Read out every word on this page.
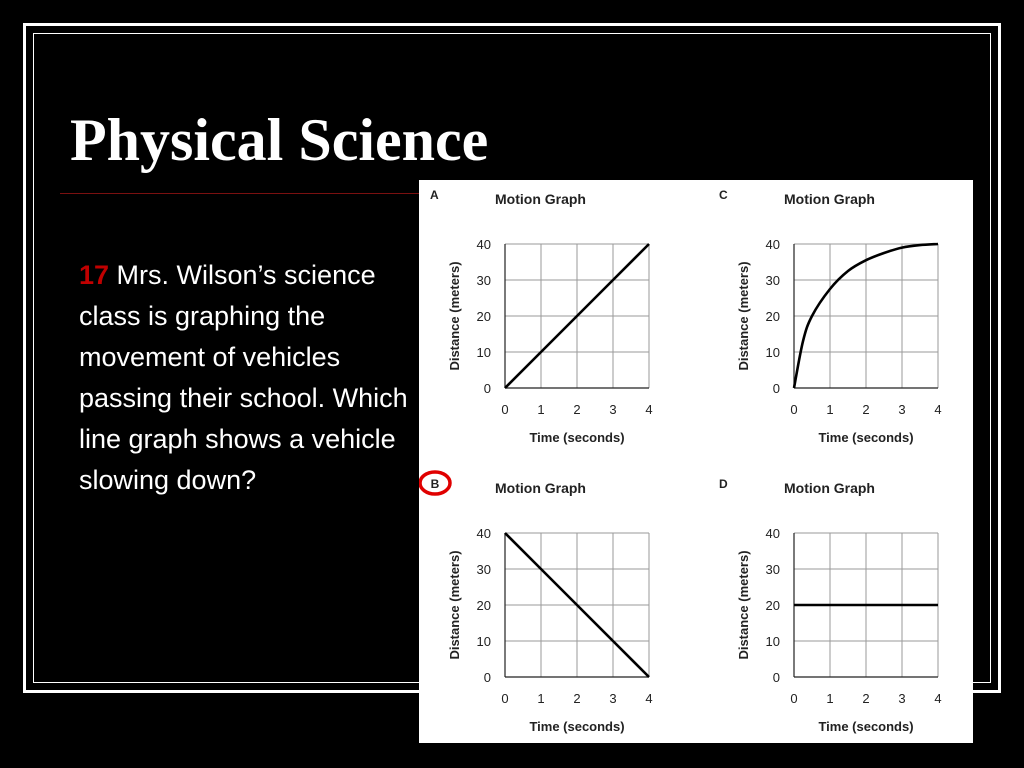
Physical Science
17 Mrs. Wilson’s science class is graphing the movement of vehicles passing their school. Which line graph shows a vehicle slowing down?
A	Motion Graph
0 1 2 3 4
0
10
20
30
40
Time (seconds)
Distance (meters)
C	Motion Graph
0 1 2 3 4
0
10
20
30
40
Time (seconds)
Distance (meters)
B	Motion Graph
0 1 2 3 4
0
10
20
30
40
Time (seconds)
Distance (meters)
D	Motion Graph
0 1 2 3 4
0
10
20
30
40
Time (seconds)
Distance (meters)
